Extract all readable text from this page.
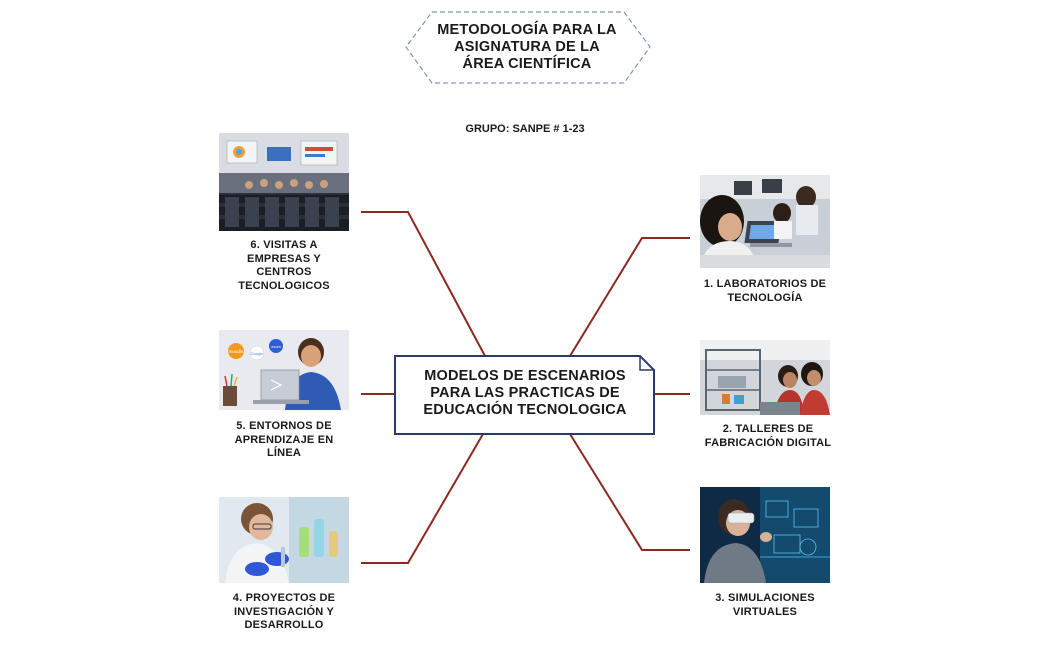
METODOLOGÍA PARA LA
ASIGNATURA DE LA
ÁREA CIENTÍFICA
GRUPO: SANPE # 1-23
MODELOS DE ESCENARIOS
PARA LAS PRACTICAS DE
EDUCACIÓN TECNOLOGICA
6. VISITAS A
EMPRESAS Y
CENTROS
TECNOLOGICOS
moodle Google
zoom
5. ENTORNOS DE
APRENDIZAJE EN
LÍNEA
4. PROYECTOS DE
INVESTIGACIÓN Y
DESARROLLO
1. LABORATORIOS DE
TECNOLOGÍA
2. TALLERES DE
FABRICACIÓN DIGITAL
3. SIMULACIONES
VIRTUALES
